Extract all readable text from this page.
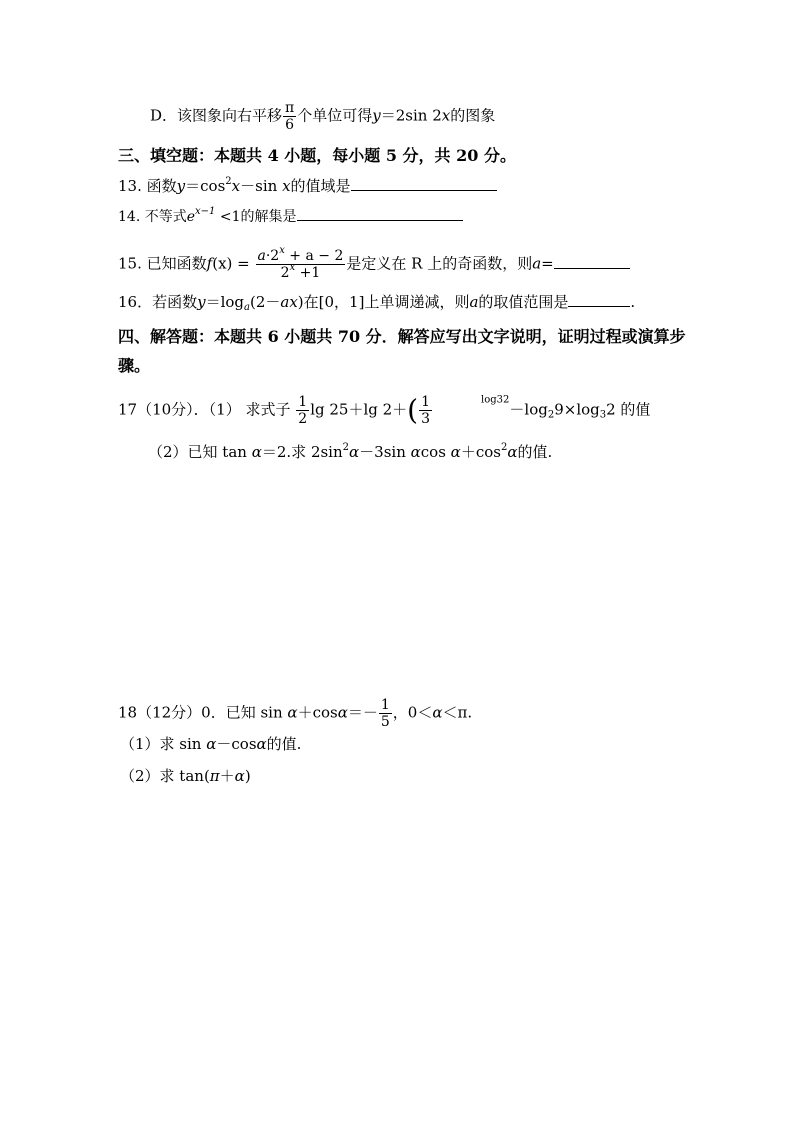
D．该图象向右平移 $\frac{\pi}{6}$ 个单位可得y＝2sin 2x的图象
三、填空题：本题共 4 小题，每小题 5 分，共 20 分。
13. 函数$y=\cos^2x-\sin$ x的值域是
14. 不等式$e^{x-1} <1$的解集是
15. 已知函数$f(x) = \frac{a\cdot 2^x + a - 2}{2^x +1}$ 是定义在 R 上的奇函数，则a=
16．若函数$y=\log_a(2-ax)$在[0，1]上单调递减，则a的取值范围是	.
四、解答题：本题共 6 小题共 70 分．解答应写出文字说明，证明过程或演算步
骤。
17（10分）．（1） 求式子 $\frac{1}{2}$ lg 25＋lg $2+( \frac{1}{3}$	$^{log32}-\log_29\times\log_32$ 的值
（2）已知 tan α＝2.求 $2\sin^2\alpha-3\sin$ αcos $\alpha+\cos^2\alpha$的值.
18（12分）0．已知 $\sin \alpha+\cos\alpha=- \frac{1}{5}$ ，0＜α＜π.
（1）求 sin α－cosα的值.
（2）求 tan(π＋α)
